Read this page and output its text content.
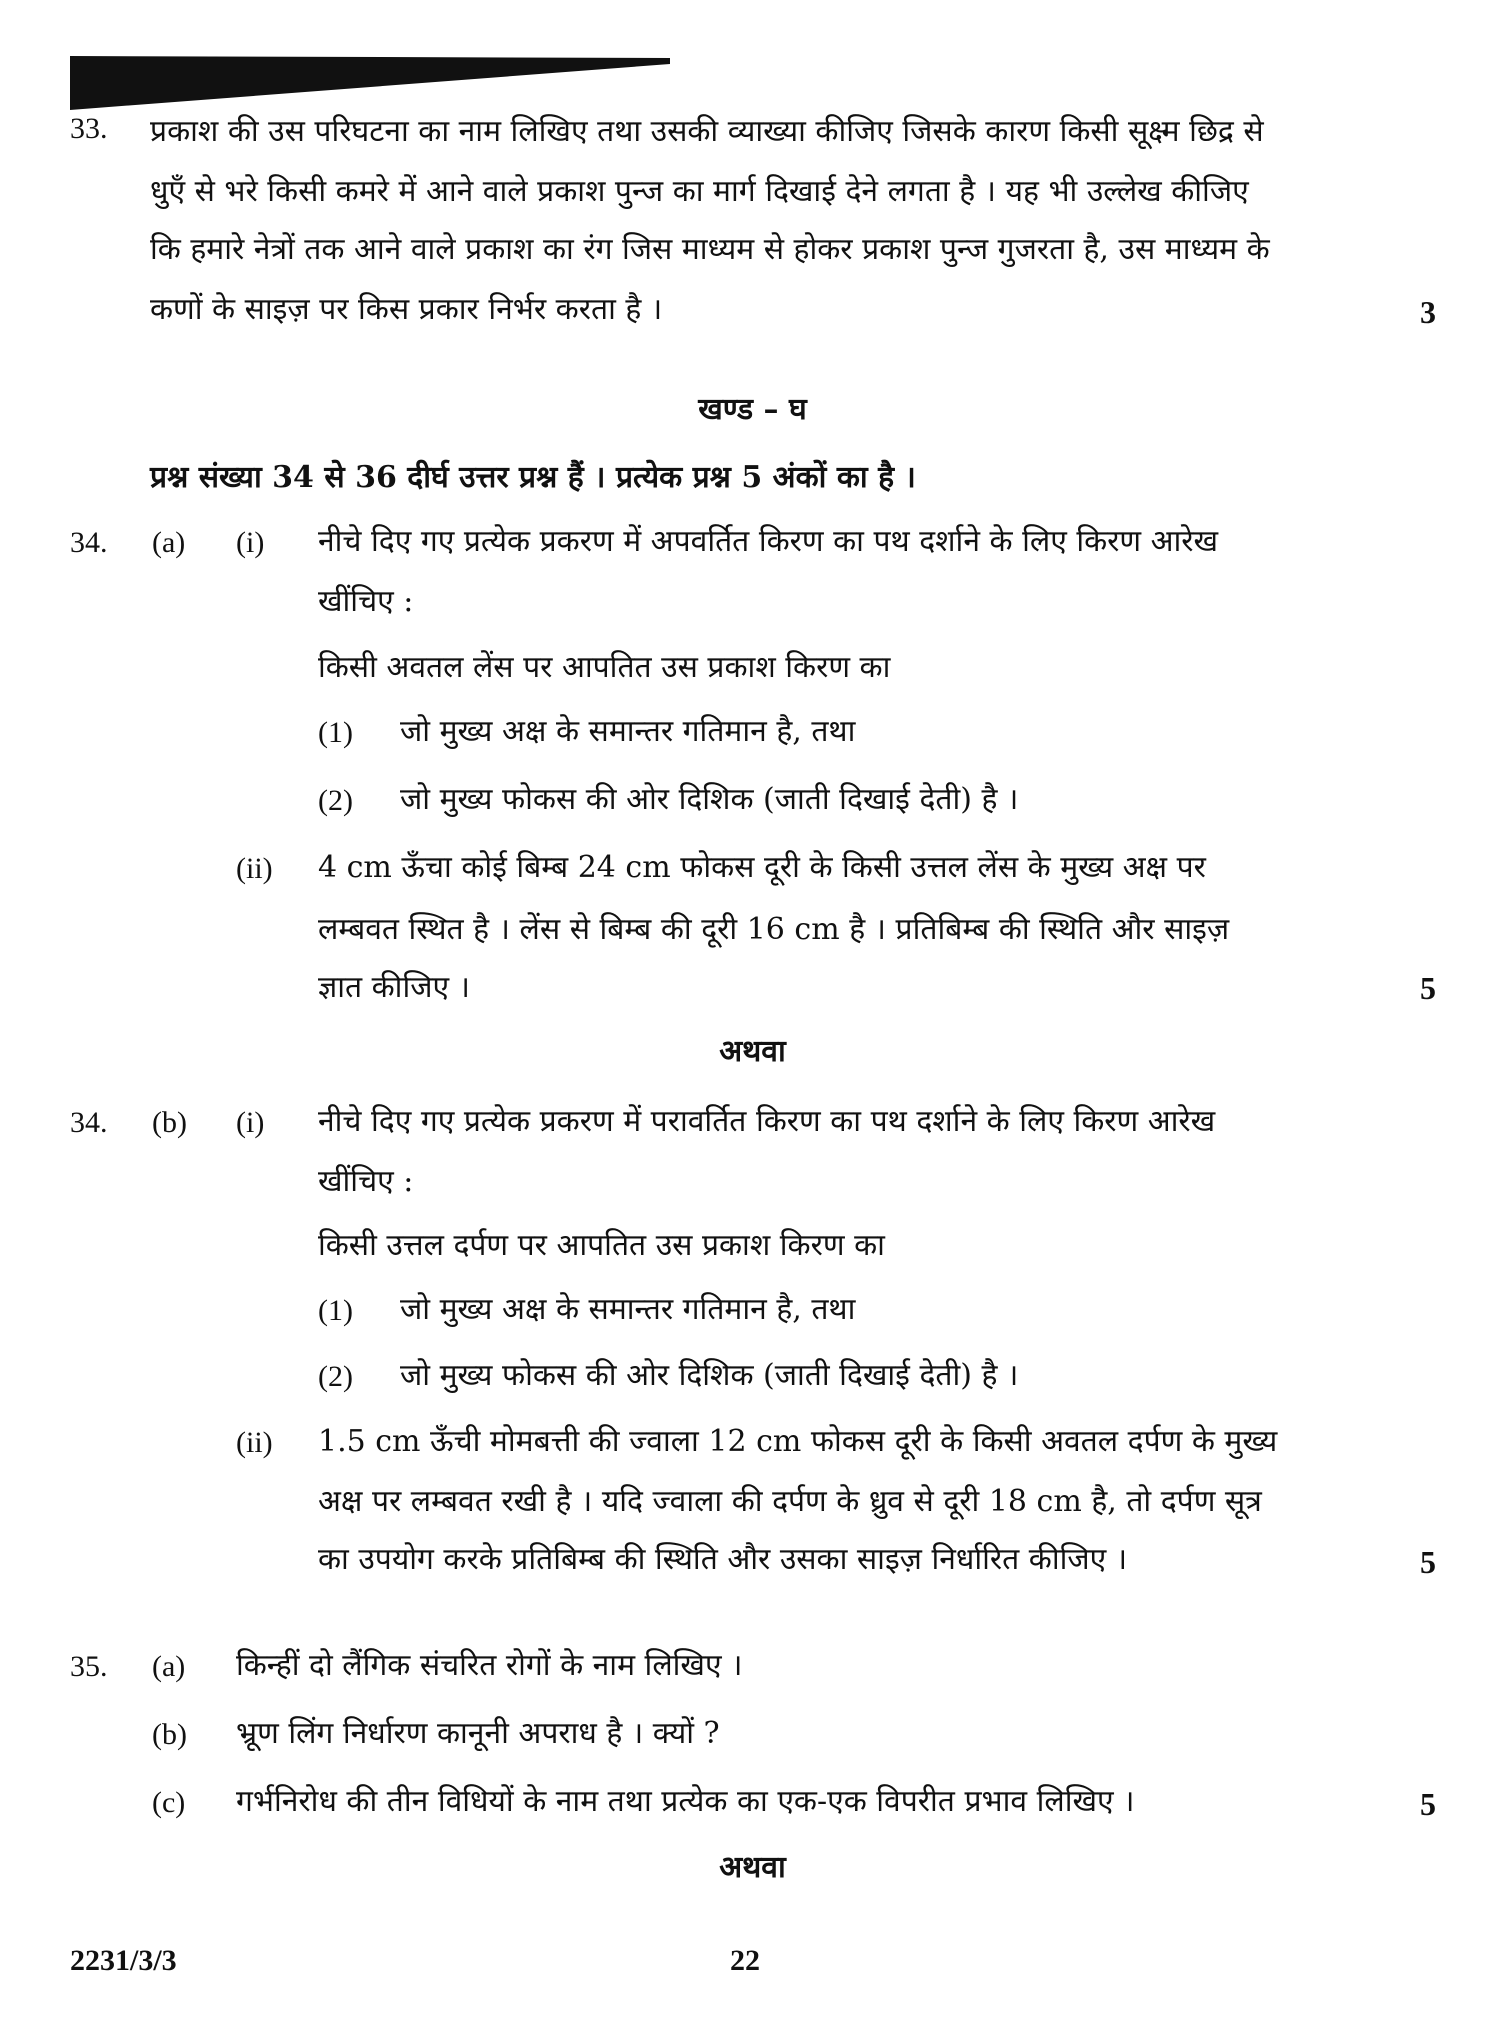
33. प्रकाश की उस परिघटना का नाम लिखिए तथा उसकी व्याख्या कीजिए जिसके कारण किसी सूक्ष्म छिद्र से
धुएँ से भरे किसी कमरे में आने वाले प्रकाश पुन्ज का मार्ग दिखाई देने लगता है । यह भी उल्लेख कीजिए
कि हमारे नेत्रों तक आने वाले प्रकाश का रंग जिस माध्यम से होकर प्रकाश पुन्ज गुजरता है, उस माध्यम के
कणों के साइज़ पर किस प्रकार निर्भर करता है ।	3
खण्ड – घ
प्रश्न संख्या 34 से 36 दीर्घ उत्तर प्रश्न हैं । प्रत्येक प्रश्न 5 अंकों का है ।
34. (a) (i) नीचे दिए गए प्रत्येक प्रकरण में अपवर्तित किरण का पथ दर्शाने के लिए किरण आरेख
खींचिए :
किसी अवतल लेंस पर आपतित उस प्रकाश किरण का
(1) जो मुख्य अक्ष के समान्तर गतिमान है, तथा
(2) जो मुख्य फोकस की ओर दिशिक (जाती दिखाई देती) है ।
(ii) 4 cm ऊँचा कोई बिम्ब 24 cm फोकस दूरी के किसी उत्तल लेंस के मुख्य अक्ष पर
लम्बवत स्थित है । लेंस से बिम्ब की दूरी 16 cm है । प्रतिबिम्ब की स्थिति और साइज़
ज्ञात कीजिए ।	5
अथवा
34. (b) (i) नीचे दिए गए प्रत्येक प्रकरण में परावर्तित किरण का पथ दर्शाने के लिए किरण आरेख
खींचिए :
किसी उत्तल दर्पण पर आपतित उस प्रकाश किरण का
(1) जो मुख्य अक्ष के समान्तर गतिमान है, तथा
(2) जो मुख्य फोकस की ओर दिशिक (जाती दिखाई देती) है ।
(ii) 1.5 cm ऊँची मोमबत्ती की ज्वाला 12 cm फोकस दूरी के किसी अवतल दर्पण के मुख्य
अक्ष पर लम्बवत रखी है । यदि ज्वाला की दर्पण के ध्रुव से दूरी 18 cm है, तो दर्पण सूत्र
का उपयोग करके प्रतिबिम्ब की स्थिति और उसका साइज़ निर्धारित कीजिए ।	5
35. (a) किन्हीं दो लैंगिक संचरित रोगों के नाम लिखिए ।
(b) भ्रूण लिंग निर्धारण कानूनी अपराध है । क्यों ?
(c) गर्भनिरोध की तीन विधियों के नाम तथा प्रत्येक का एक-एक विपरीत प्रभाव लिखिए ।	5
अथवा
2231/3/3	22
